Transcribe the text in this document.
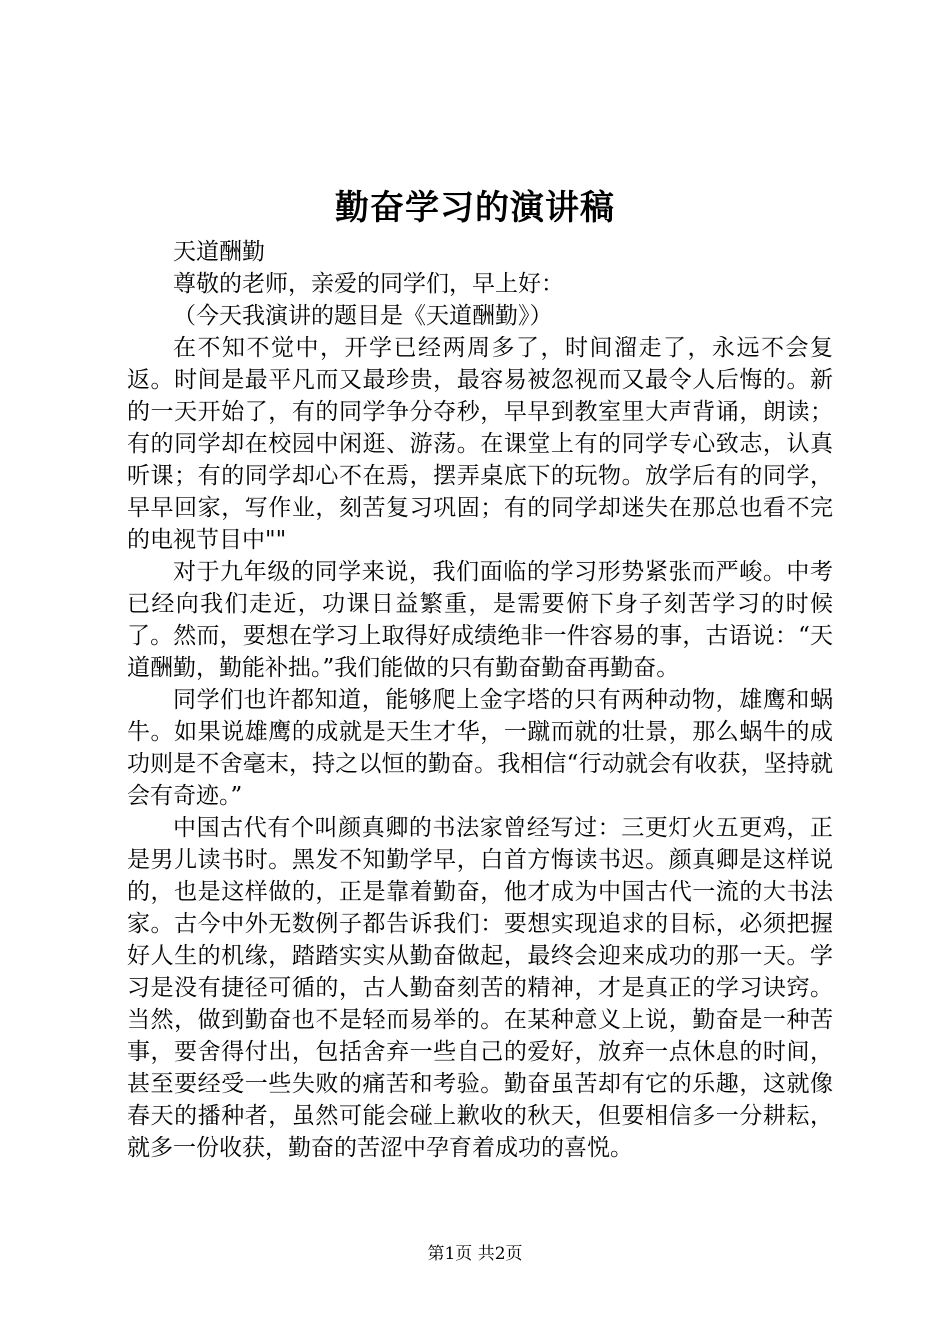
勤奋学习的演讲稿

天道酬勤

尊敬的老师，亲爱的同学们，早上好：

（今天我演讲的题目是《天道酬勤》）

在不知不觉中，开学已经两周多了，时间溜走了，永远不会复返。时间是最平凡而又最珍贵，最容易被忽视而又最令人后悔的。新的一天开始了，有的同学争分夺秒，早早到教室里大声背诵，朗读；有的同学却在校园中闲逛、游荡。在课堂上有的同学专心致志，认真听课；有的同学却心不在焉，摆弄桌底下的玩物。放学后有的同学，早早回家，写作业，刻苦复习巩固；有的同学却迷失在那总也看不完的电视节目中""

对于九年级的同学来说，我们面临的学习形势紧张而严峻。中考已经向我们走近，功课日益繁重，是需要俯下身子刻苦学习的时候了。然而，要想在学习上取得好成绩绝非一件容易的事，古语说：“天道酬勤，勤能补拙。”我们能做的只有勤奋勤奋再勤奋。

同学们也许都知道，能够爬上金字塔的只有两种动物，雄鹰和蜗牛。如果说雄鹰的成就是天生才华，一蹴而就的壮景，那么蜗牛的成功则是不舍毫末，持之以恒的勤奋。我相信“行动就会有收获，坚持就会有奇迹。”

中国古代有个叫颜真卿的书法家曾经写过：三更灯火五更鸡，正是男儿读书时。黑发不知勤学早，白首方悔读书迟。颜真卿是这样说的，也是这样做的，正是靠着勤奋，他才成为中国古代一流的大书法家。古今中外无数例子都告诉我们：要想实现追求的目标，必须把握好人生的机缘，踏踏实实从勤奋做起，最终会迎来成功的那一天。学习是没有捷径可循的，古人勤奋刻苦的精神，才是真正的学习诀窍。当然，做到勤奋也不是轻而易举的。在某种意义上说，勤奋是一种苦事，要舍得付出，包括舍弃一些自己的爱好，放弃一点休息的时间，甚至要经受一些失败的痛苦和考验。勤奋虽苦却有它的乐趣，这就像春天的播种者，虽然可能会碰上歉收的秋天，但要相信多一分耕耘，就多一份收获，勤奋的苦涩中孕育着成功的喜悦。

第1页 共2页
